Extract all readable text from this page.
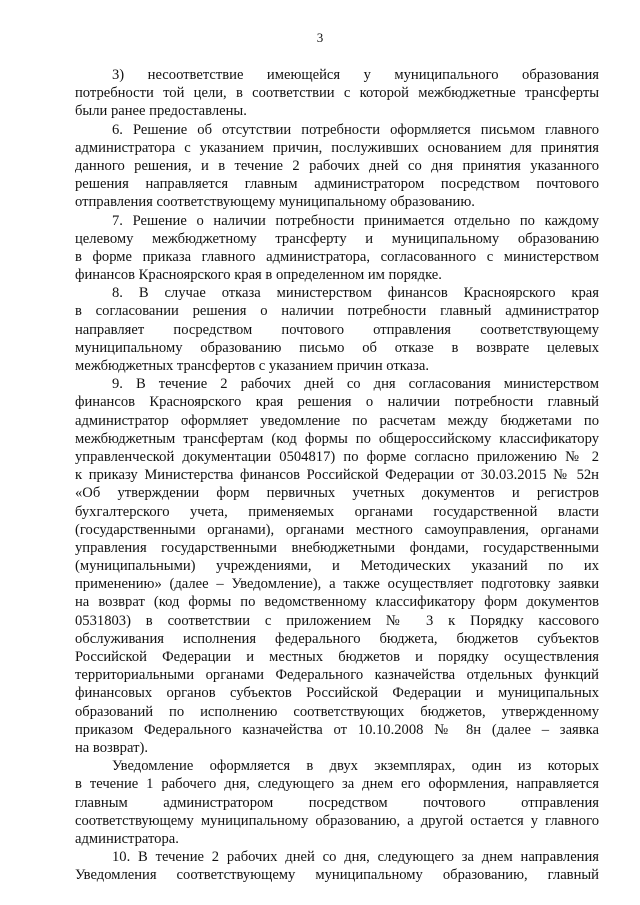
3
3) несоответствие имеющейся у муниципального образования
потребности той цели, в соответствии с которой межбюджетные трансферты
были ранее предоставлены.
6. Решение об отсутствии потребности оформляется письмом главного
администратора с указанием причин, послуживших основанием для принятия
данного решения, и в течение 2 рабочих дней со дня принятия указанного
решения направляется главным администратором посредством почтового
отправления соответствующему муниципальному образованию.
7. Решение о наличии потребности принимается отдельно по каждому
целевому межбюджетному трансферту и муниципальному образованию
в форме приказа главного администратора, согласованного с министерством
финансов Красноярского края в определенном им порядке.
8. В случае отказа министерством финансов Красноярского края
в согласовании решения о наличии потребности главный администратор
направляет посредством почтового отправления соответствующему
муниципальному образованию письмо об отказе в возврате целевых
межбюджетных трансфертов с указанием причин отказа.
9. В течение 2 рабочих дней со дня согласования министерством
финансов Красноярского края решения о наличии потребности главный
администратор оформляет уведомление по расчетам между бюджетами по
межбюджетным трансфертам (код формы по общероссийскому классификатору
управленческой документации 0504817) по форме согласно приложению № 2
к приказу Министерства финансов Российской Федерации от 30.03.2015 № 52н
«Об утверждении форм первичных учетных документов и регистров
бухгалтерского учета, применяемых органами государственной власти
(государственными органами), органами местного самоуправления, органами
управления государственными внебюджетными фондами, государственными
(муниципальными) учреждениями, и Методических указаний по их
применению» (далее – Уведомление), а также осуществляет подготовку заявки
на возврат (код формы по ведомственному классификатору форм документов
0531803) в соответствии с приложением № 3 к Порядку кассового
обслуживания исполнения федерального бюджета, бюджетов субъектов
Российской Федерации и местных бюджетов и порядку осуществления
территориальными органами Федерального казначейства отдельных функций
финансовых органов субъектов Российской Федерации и муниципальных
образований по исполнению соответствующих бюджетов, утвержденному
приказом Федерального казначейства от 10.10.2008 № 8н (далее – заявка
на возврат).
Уведомление оформляется в двух экземплярах, один из которых
в течение 1 рабочего дня, следующего за днем его оформления, направляется
главным администратором посредством почтового отправления
соответствующему муниципальному образованию, а другой остается у главного
администратора.
10. В течение 2 рабочих дней со дня, следующего за днем направления
Уведомления соответствующему муниципальному образованию, главный
